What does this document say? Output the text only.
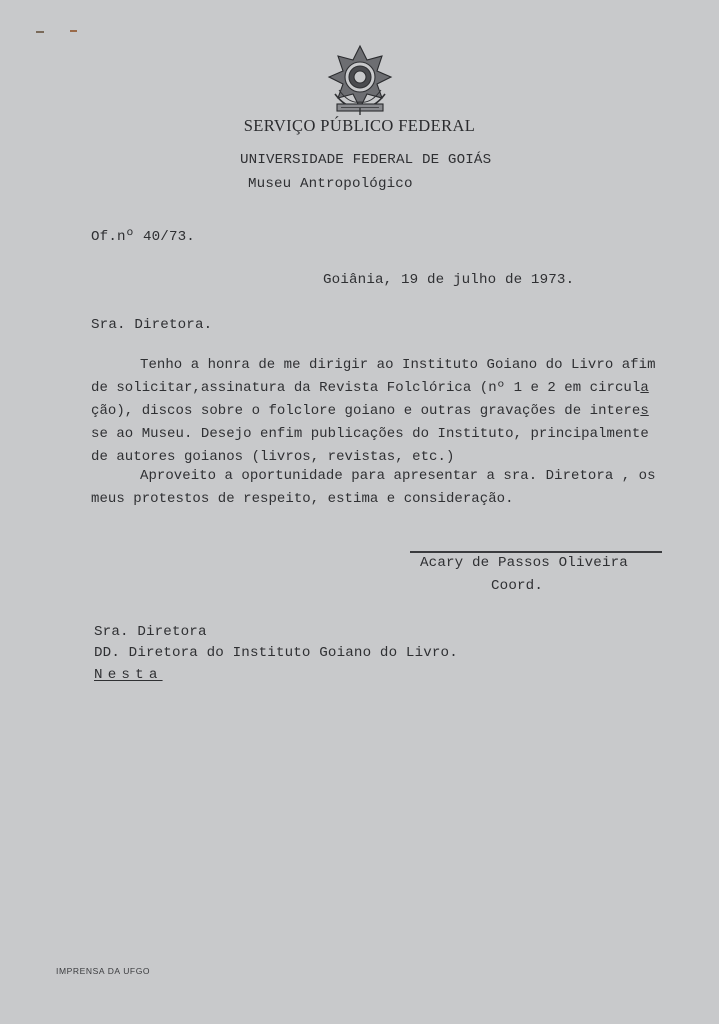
SERVIÇO PÚBLICO FEDERAL
UNIVERSIDADE FEDERAL DE GOIÁS
Museu Antropológico
Of.nº 40/73.
Goiânia, 19 de julho de 1973.
Sra. Diretora.
Tenho a honra de me dirigir ao Instituto Goiano do Livro afim
de solicitar,assinatura da Revista Folclórica (nº 1 e 2 em circula
ção), discos sobre o folclore goiano e outras gravações de interes
se ao Museu. Desejo enfim publicações do Instituto, principalmente
de autores goianos (livros, revistas, etc.)
Aproveito a oportunidade para apresentar a sra. Diretora , os
meus protestos de respeito, estima e consideração.
Acary de Passos Oliveira
Coord.
Sra. Diretora
DD. Diretora do Instituto Goiano do Livro.
Nesta
IMPRENSA DA UFGO
